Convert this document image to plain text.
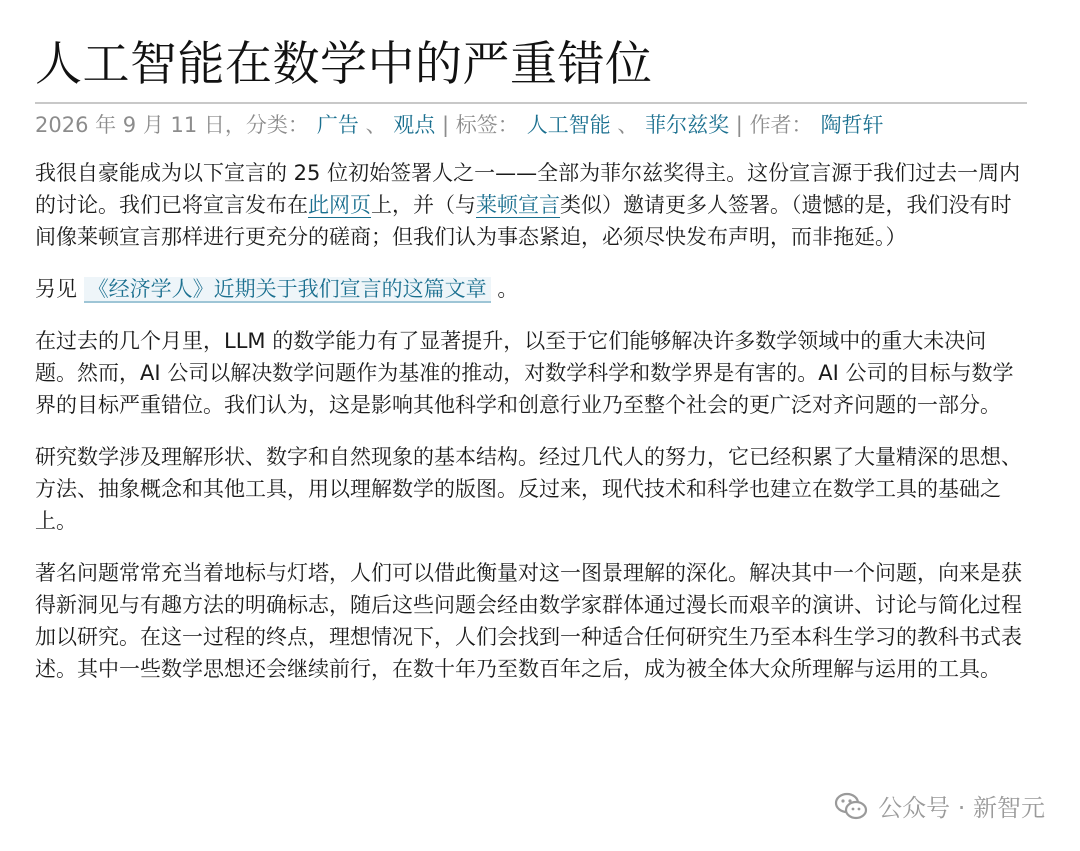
人工智能在数学中的严重错位
2026 年 9 月 11 日，分类： 广告 、 观点 | 标签： 人工智能 、 菲尔兹奖 | 作者： 陶哲轩

我很自豪能成为以下宣言的 25 位初始签署人之一——全部为菲尔兹奖得主。这份宣言源于我们过去一周内的讨论。我们已将宣言发布在此网页上，并（与莱顿宣言类似）邀请更多人签署。（遗憾的是，我们没有时间像莱顿宣言那样进行更充分的磋商；但我们认为事态紧迫，必须尽快发布声明，而非拖延。）

另见 《经济学人》近期关于我们宣言的这篇文章 。

在过去的几个月里，LLM 的数学能力有了显著提升，以至于它们能够解决许多数学领域中的重大未决问题。然而，AI 公司以解决数学问题作为基准的推动，对数学科学和数学界是有害的。AI 公司的目标与数学界的目标严重错位。我们认为，这是影响其他科学和创意行业乃至整个社会的更广泛对齐问题的一部分。

研究数学涉及理解形状、数字和自然现象的基本结构。经过几代人的努力，它已经积累了大量精深的思想、方法、抽象概念和其他工具，用以理解数学的版图。反过来，现代技术和科学也建立在数学工具的基础之上。

著名问题常常充当着地标与灯塔，人们可以借此衡量对这一图景理解的深化。解决其中一个问题，向来是获得新洞见与有趣方法的明确标志，随后这些问题会经由数学家群体通过漫长而艰辛的演讲、讨论与简化过程加以研究。在这一过程的终点，理想情况下，人们会找到一种适合任何研究生乃至本科生学习的教科书式表述。其中一些数学思想还会继续前行，在数十年乃至数百年之后，成为被全体大众所理解与运用的工具。

公众号 · 新智元
